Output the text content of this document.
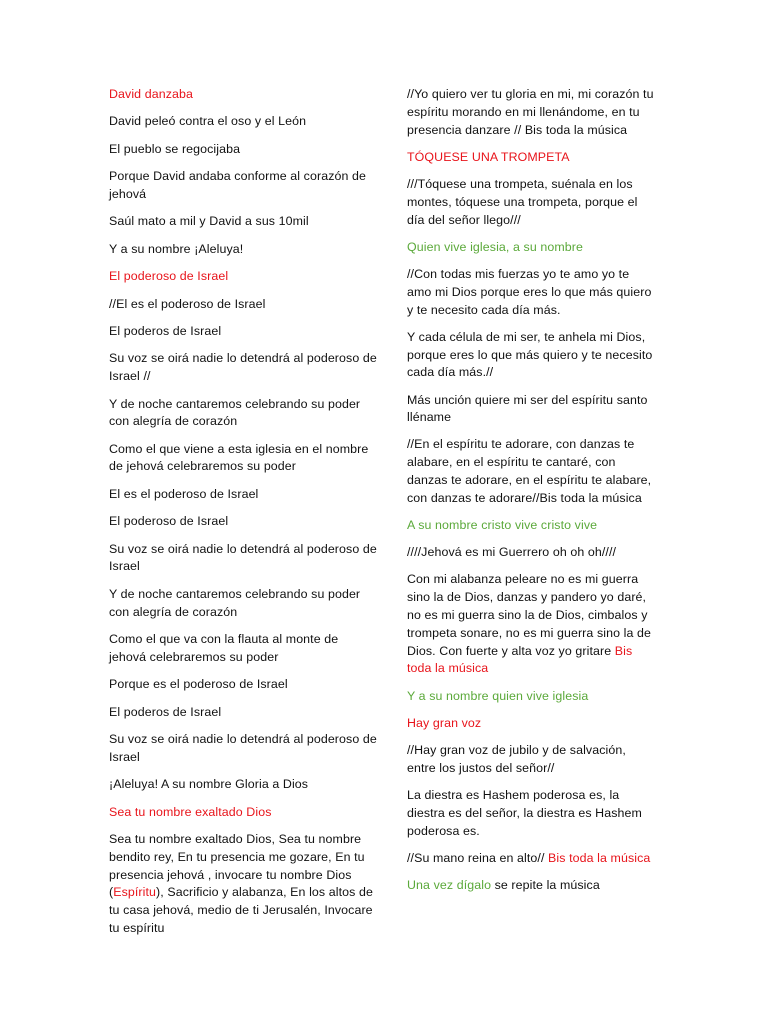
David danzaba

David peleó contra el oso y el León

El pueblo se regocijaba

Porque David andaba conforme al corazón de jehová

Saúl mato a mil y David a sus 10mil

Y a su nombre ¡Aleluya!

El poderoso de Israel

//El es el poderoso de Israel

El poderos de Israel

Su voz se oirá nadie lo detendrá al poderoso de Israel //

Y de noche cantaremos celebrando su poder con alegría de corazón

Como el que viene a esta iglesia en el nombre de jehová celebraremos su poder

El es el poderoso de Israel

El poderoso de Israel

Su voz se oirá nadie lo detendrá al poderoso de Israel

Y de noche cantaremos celebrando su poder con alegría de corazón

Como el que va con la flauta al monte de jehová celebraremos su poder

Porque es el poderoso de Israel

El poderos de Israel

Su voz se oirá nadie lo detendrá al poderoso de Israel

¡Aleluya! A su nombre Gloria a Dios

Sea tu nombre exaltado Dios

Sea tu nombre exaltado Dios, Sea tu nombre bendito rey, En tu presencia me gozare, En tu presencia jehová , invocare tu nombre Dios (Espíritu), Sacrificio y alabanza, En los altos de tu casa jehová, medio de ti Jerusalén, Invocare tu espíritu

//Yo quiero ver tu gloria en mi, mi corazón tu espíritu morando en mi llenándome, en tu presencia danzare // Bis toda la música

TÓQUESE UNA TROMPETA

///Tóquese una trompeta, suénala en los montes, tóquese una trompeta, porque el día del señor llego///

Quien vive iglesia, a su nombre

//Con todas mis fuerzas yo te amo yo te amo mi Dios porque eres lo que más quiero y te necesito cada día más.

Y cada célula de mi ser, te anhela mi Dios, porque eres lo que más quiero y te necesito cada día más.//

Más unción quiere mi ser del espíritu santo lléname

//En el espíritu te adorare, con danzas te alabare, en el espíritu te cantaré, con danzas te adorare, en el espíritu te alabare, con danzas te adorare//Bis toda la música

A su nombre cristo vive cristo vive

////Jehová es mi Guerrero oh oh oh////

Con mi alabanza peleare no es mi guerra sino la de Dios, danzas y pandero yo daré, no es mi guerra sino la de Dios, cimbalos y trompeta sonare, no es mi guerra sino la de Dios. Con fuerte y alta voz yo gritare Bis toda la música

Y a su nombre quien vive iglesia

Hay gran voz

//Hay gran voz de jubilo y de salvación, entre los justos del señor//

La diestra es Hashem poderosa es, la diestra es del señor, la diestra es Hashem poderosa es.

//Su mano reina en alto// Bis toda la música

Una vez dígalo se repite la música
